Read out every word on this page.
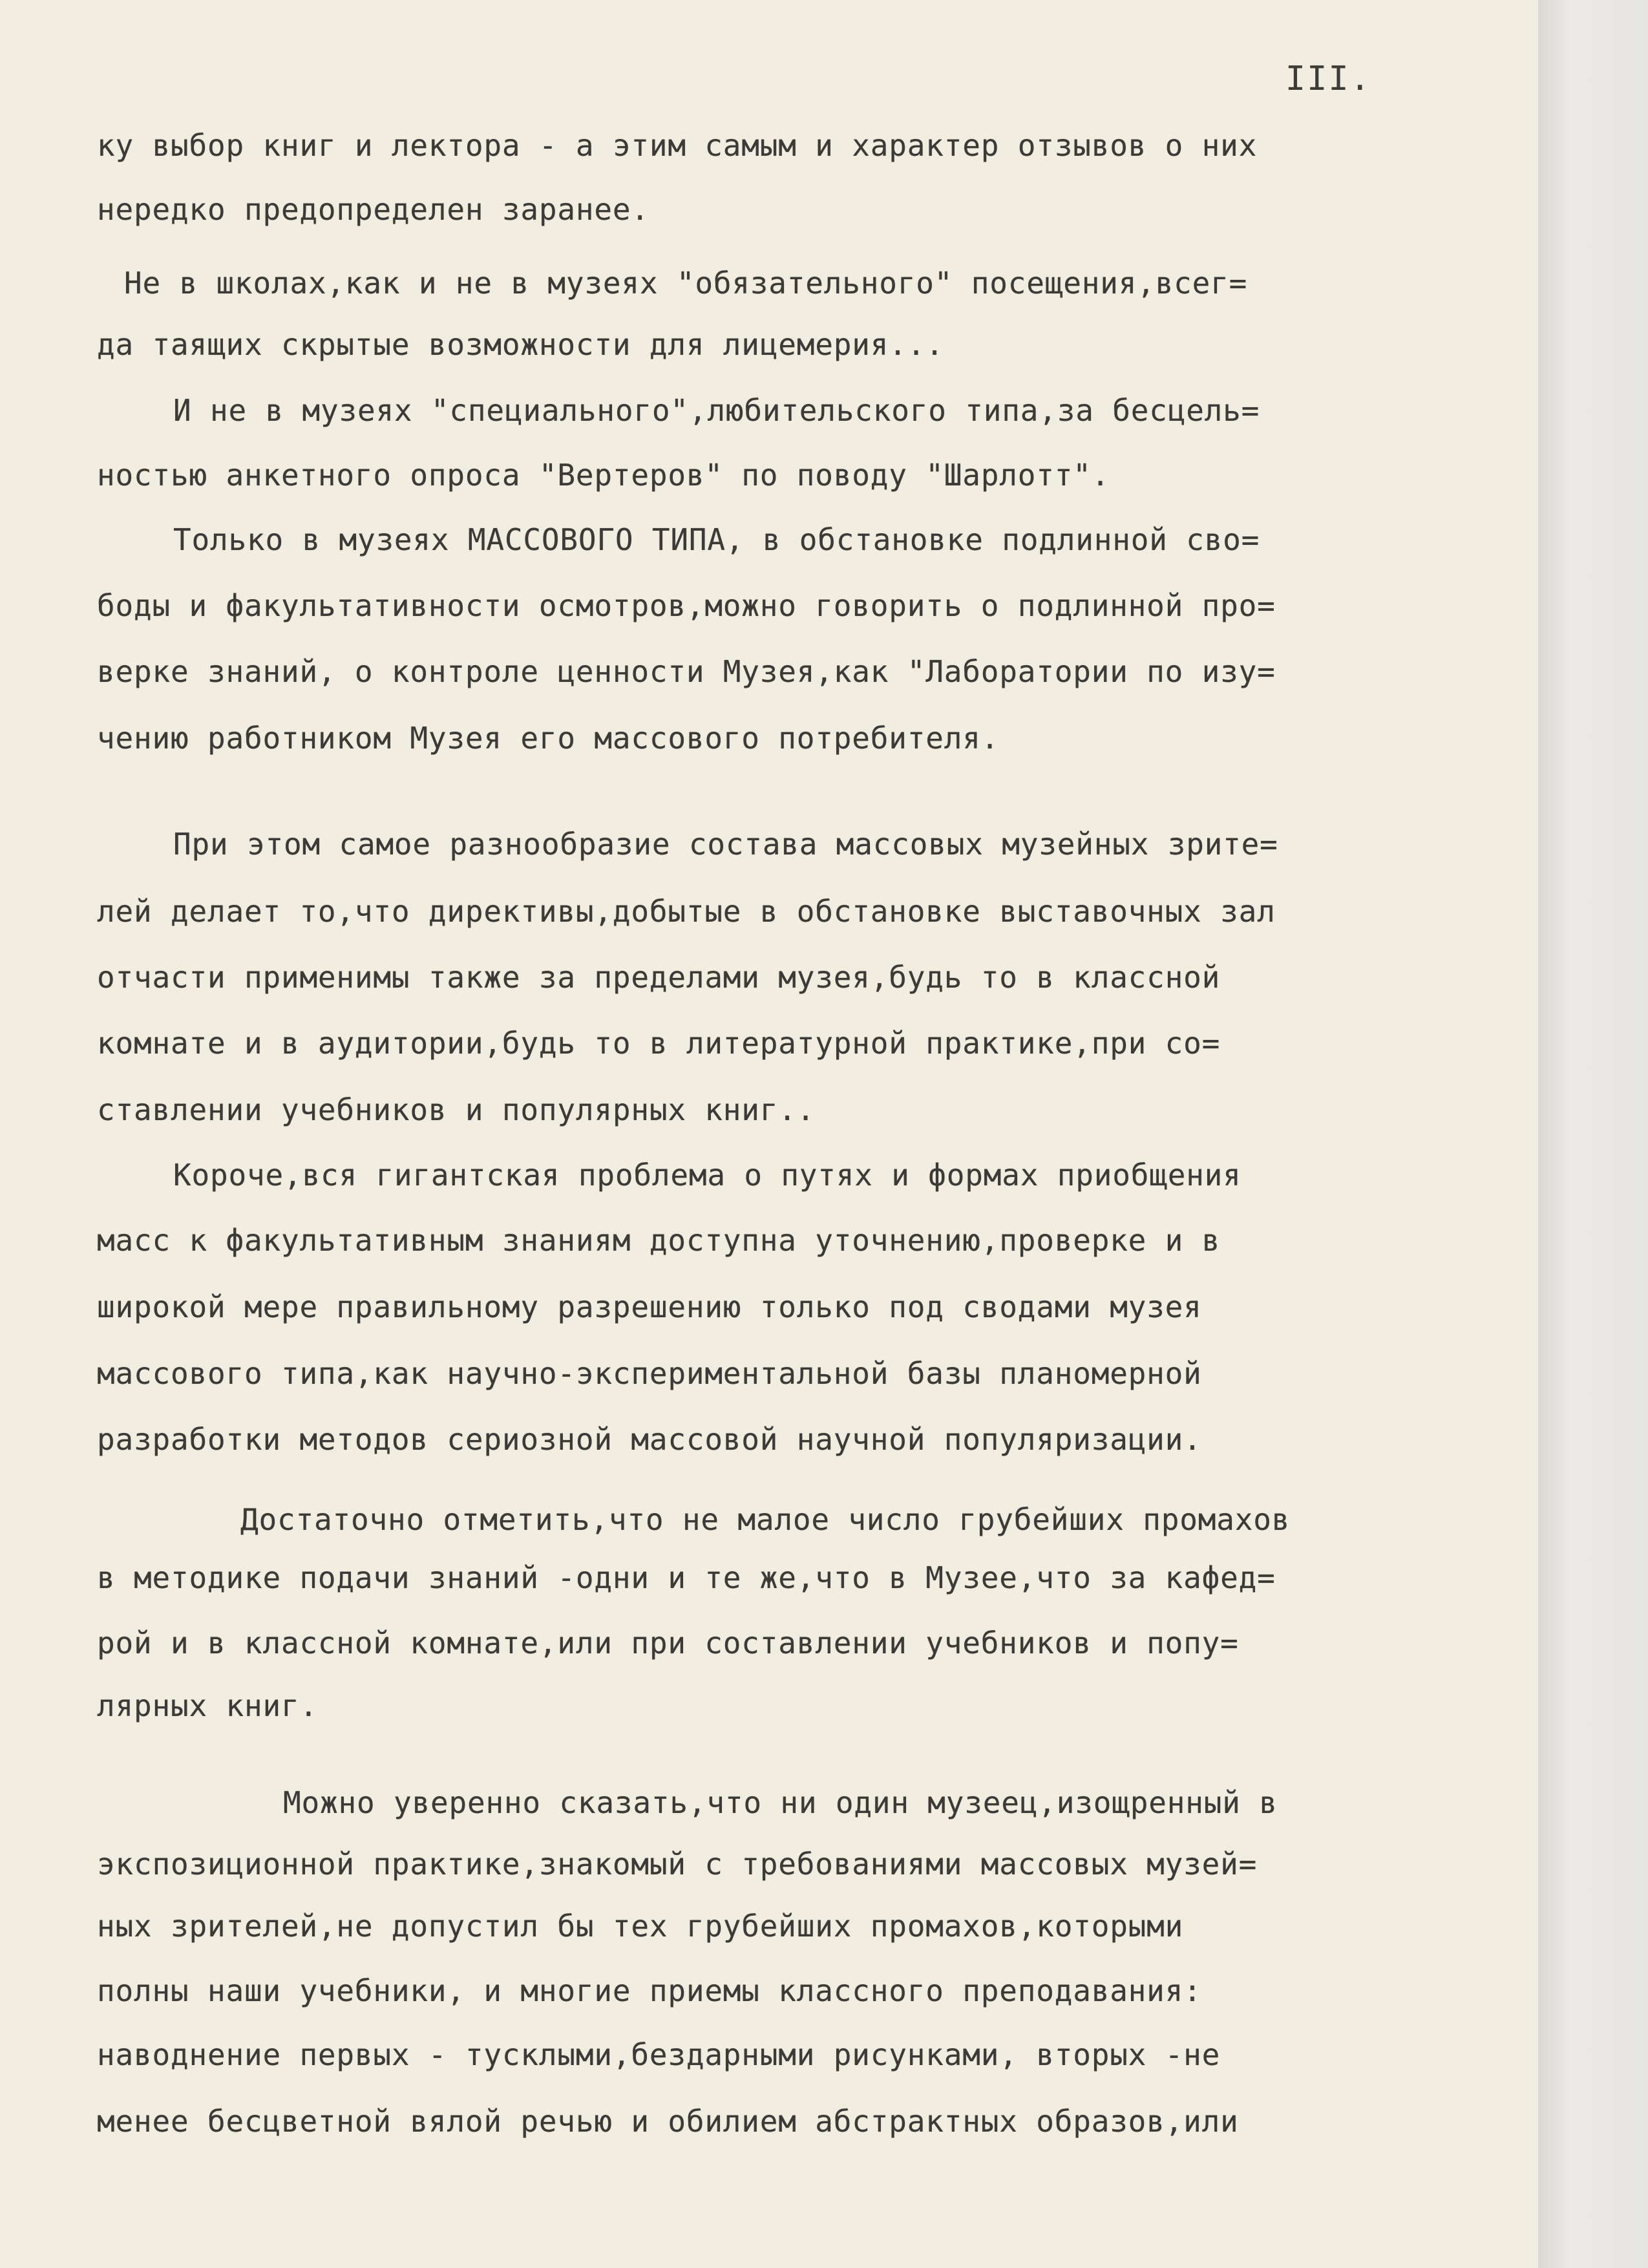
III.
ку выбор книг и лектора - а этим самым и характер отзывов о них
нередко предопределен заранее.
Не в школах,как и не в музеях "обязательного" посещения,всег=
да таящих скрытые возможности для лицемерия...
И не в музеях "специального",любительского типа,за бесцель=
ностью анкетного опроса "Вертеров" по поводу "Шарлотт".
Только в музеях МАССОВОГО ТИПА, в обстановке подлинной сво=
боды и факультативности осмотров,можно говорить о подлинной про=
верке знаний, о контроле ценности Музея,как "Лаборатории по изу=
чению работником Музея его массового потребителя.
При этом самое разнообразие состава массовых музейных зрите=
лей делает то,что директивы,добытые в обстановке выставочных зал
отчасти применимы также за пределами музея,будь то в классной
комнате и в аудитории,будь то в литературной практике,при со=
ставлении учебников и популярных книг..
Короче,вся гигантская проблема о путях и формах приобщения
масс к факультативным знаниям доступна уточнению,проверке и в
широкой мере правильному разрешению только под сводами музея
массового типа,как научно-экспериментальной базы планомерной
разработки методов сериозной массовой научной популяризации.
Достаточно отметить,что не малое число грубейших промахов
в методике подачи знаний -одни и те же,что в Музее,что за кафед=
рой и в классной комнате,или при составлении учебников и попу=
лярных книг.
Можно уверенно сказать,что ни один музеец,изощренный в
экспозиционной практике,знакомый с требованиями массовых музей=
ных зрителей,не допустил бы тех грубейших промахов,которыми
полны наши учебники, и многие приемы классного преподавания:
наводнение первых - тусклыми,бездарными рисунками, вторых -не
менее бесцветной вялой речью и обилием абстрактных образов,или
